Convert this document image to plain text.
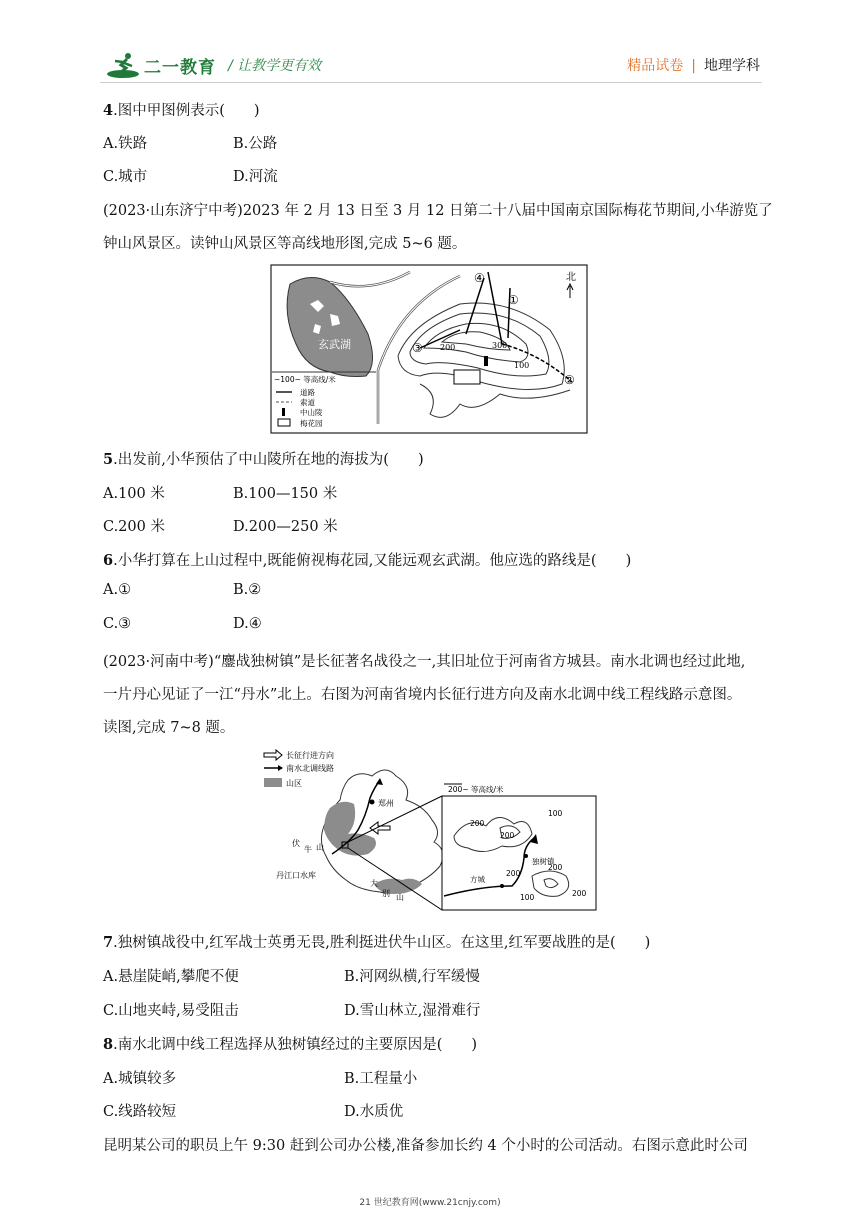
二一教育 / 让教学更有效	精品试卷 | 地理学科
4.图中甲图例表示(　　)
A.铁路	B.公路
C.城市	D.河流
(2023·山东济宁中考)2023 年 2 月 13 日至 3 月 12 日第二十八届中国南京国际梅花节期间,小华游览了
钟山风景区。读钟山风景区等高线地形图,完成 5~6 题。
玄武湖
④
①
③
②
200	300
100
北
~100~ 等高线/米
道路
索道
中山陵
梅花园
5.出发前,小华预估了中山陵所在地的海拔为(　　)
A.100 米	B.100—150 米
C.200 米	D.200—250 米
6.小华打算在上山过程中,既能俯视梅花园,又能远观玄武湖。他应选的路线是(　　)
A.①	B.②
C.③	D.④
(2023·河南中考)“鏖战独树镇”是长征著名战役之一,其旧址位于河南省方城县。南水北调也经过此地,
一片丹心见证了一江“丹水”北上。右图为河南省境内长征行进方向及南水北调中线工程线路示意图。
读图,完成 7~8 题。
长征行进方向
南水北调线路
山区
郑州
伏
牛 山
丹江口水库
大
别 山
200~ 等高线/米
200
100
200
方城
独树镇
200
200
100	200
7.独树镇战役中,红军战士英勇无畏,胜利挺进伏牛山区。在这里,红军要战胜的是(　　)
A.悬崖陡峭,攀爬不便	B.河网纵横,行军缓慢
C.山地夹峙,易受阻击	D.雪山林立,湿滑难行
8.南水北调中线工程选择从独树镇经过的主要原因是(　　)
A.城镇较多	B.工程量小
C.线路较短	D.水质优
昆明某公司的职员上午 9:30 赶到公司办公楼,准备参加长约 4 个小时的公司活动。右图示意此时公司
21 世纪教育网(www.21cnjy.com)
